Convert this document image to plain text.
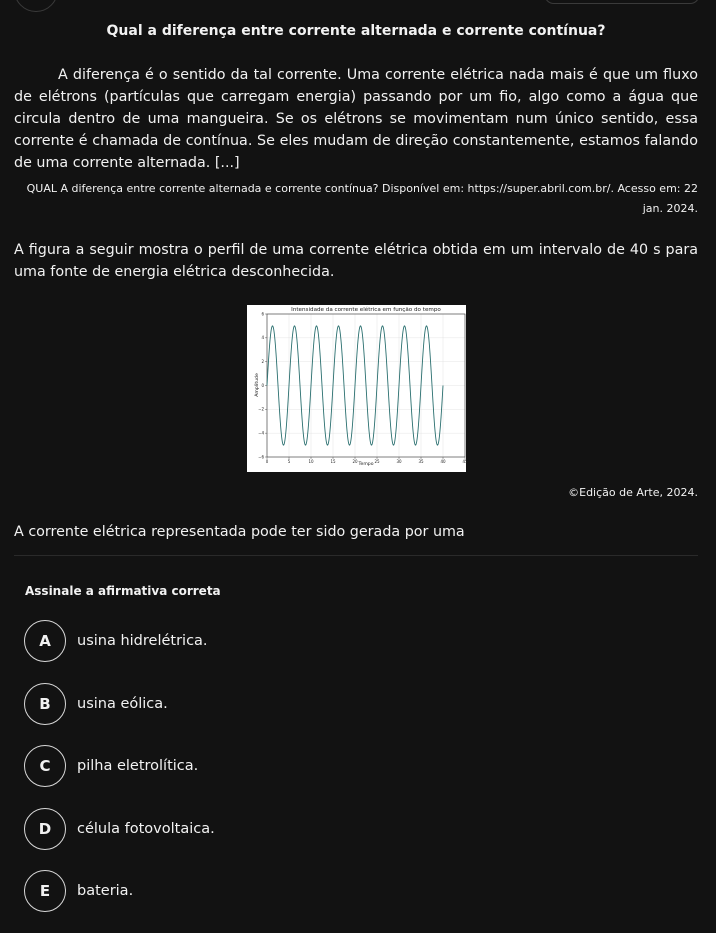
Qual a diferença entre corrente alternada e corrente contínua?

A diferença é o sentido da tal corrente. Uma corrente elétrica nada mais é que um fluxo de elétrons (partículas que carregam energia) passando por um fio, algo como a água que circula dentro de uma mangueira. Se os elétrons se movimentam num único sentido, essa corrente é chamada de contínua. Se eles mudam de direção constantemente, estamos falando de uma corrente alternada. [...]

QUAL A diferença entre corrente alternada e corrente contínua? Disponível em: https://super.abril.com.br/. Acesso em: 22 jan. 2024.

A figura a seguir mostra o perfil de uma corrente elétrica obtida em um intervalo de 40 s para uma fonte de energia elétrica desconhecida.

Intensidade da corrente elétrica em função do tempo
0	5	10	15	20	25	30	35	40	45
−6
−4
−2
0
2
4
6
Tempo
Amplitude

©Edição de Arte, 2024.

A corrente elétrica representada pode ter sido gerada por uma

Assinale a afirmativa correta
A	usina hidrelétrica.
B	usina eólica.
C	pilha eletrolítica.
D	célula fotovoltaica.
E	bateria.
